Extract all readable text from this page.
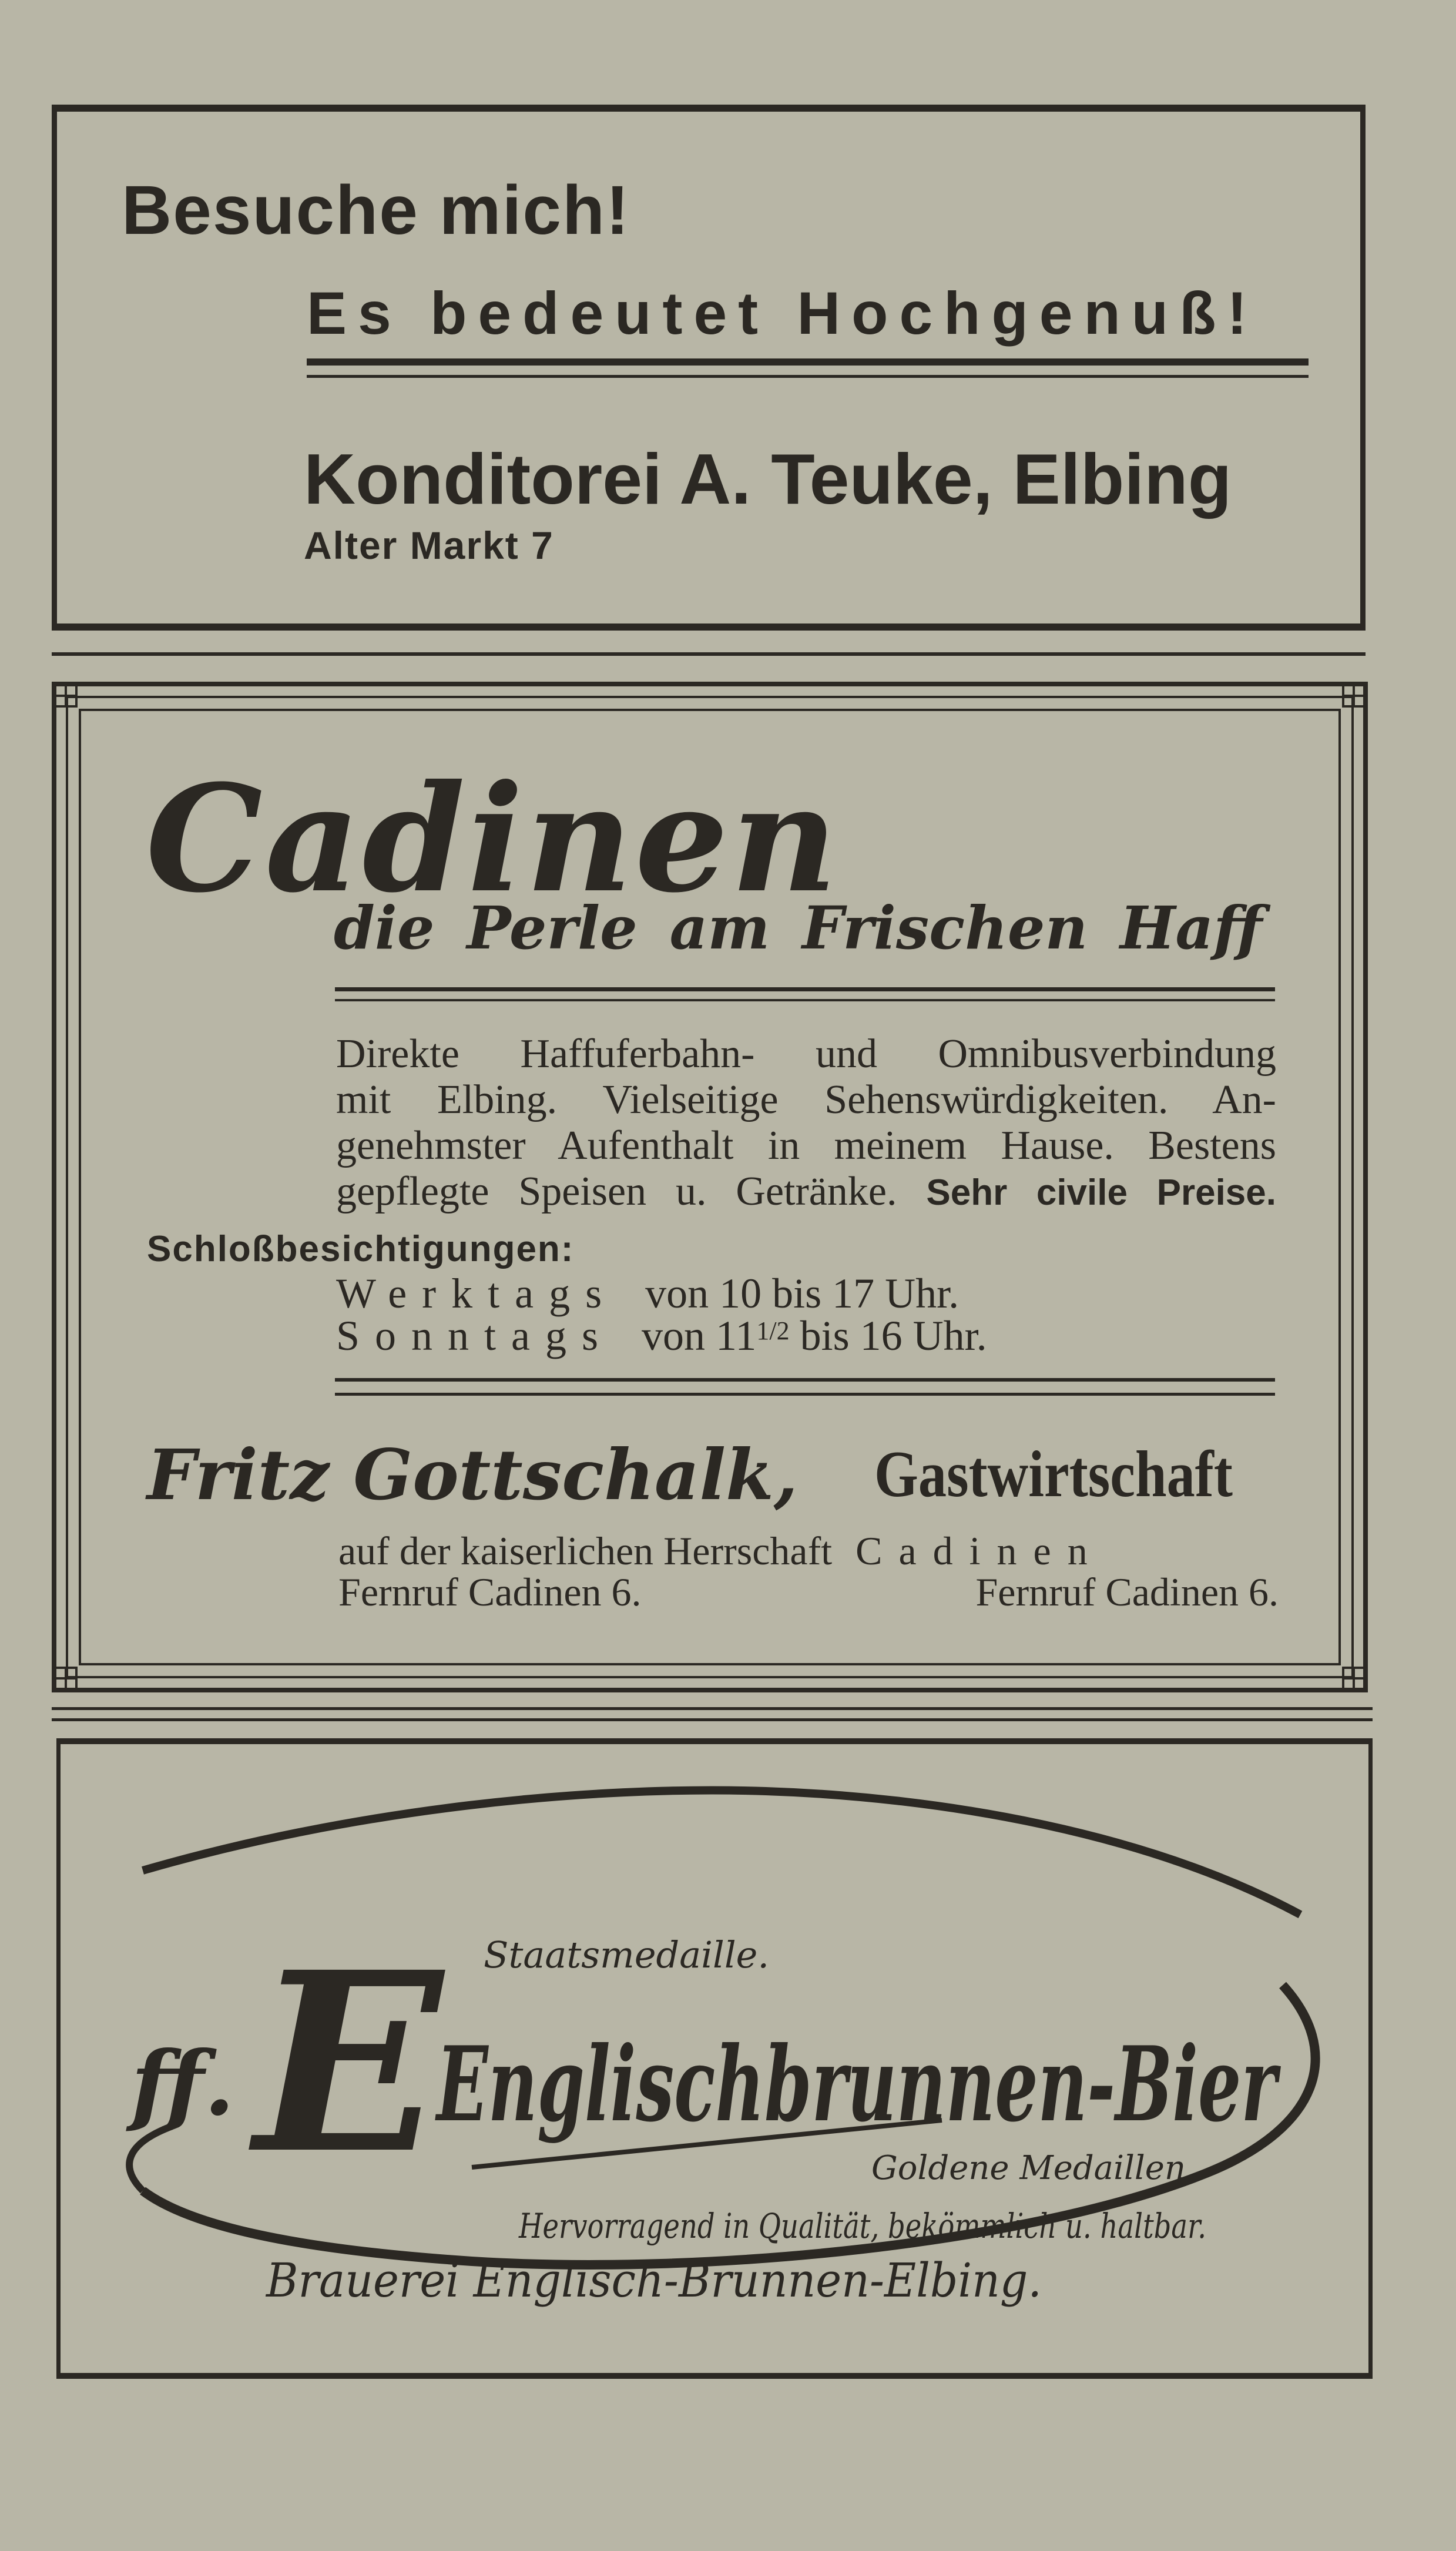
Besuche mich!
Es bedeutet Hochgenuß!
Konditorei A. Teuke, Elbing
Alter Markt 7
Cadinen
die Perle am Frischen Haff
Direkte Haffuferbahn- und Omnibusverbindung
mit Elbing. Vielseitige Sehenswürdigkeiten. An-
genehmster Aufenthalt in meinem Hause. Bestens
gepflegte Speisen u. Getränke. Sehr civile Preise.
Schloßbesichtigungen:
Werktags von 10 bis 17 Uhr.
Sonntags von $11^{1/2}$ bis 16 Uhr.
Fritz Gottschalk, Gastwirtschaft
auf der kaiserlichen Herrschaft Cadinen
Fernruf Cadinen 6.	Fernruf Cadinen 6.
Staatsmedaille.
ff. E
Englischbrunnen-Bier
Goldene Medaillen.
Hervorragend in Qualität, bekömmlich u. haltbar.
Brauerei Englisch-Brunnen-Elbing.
